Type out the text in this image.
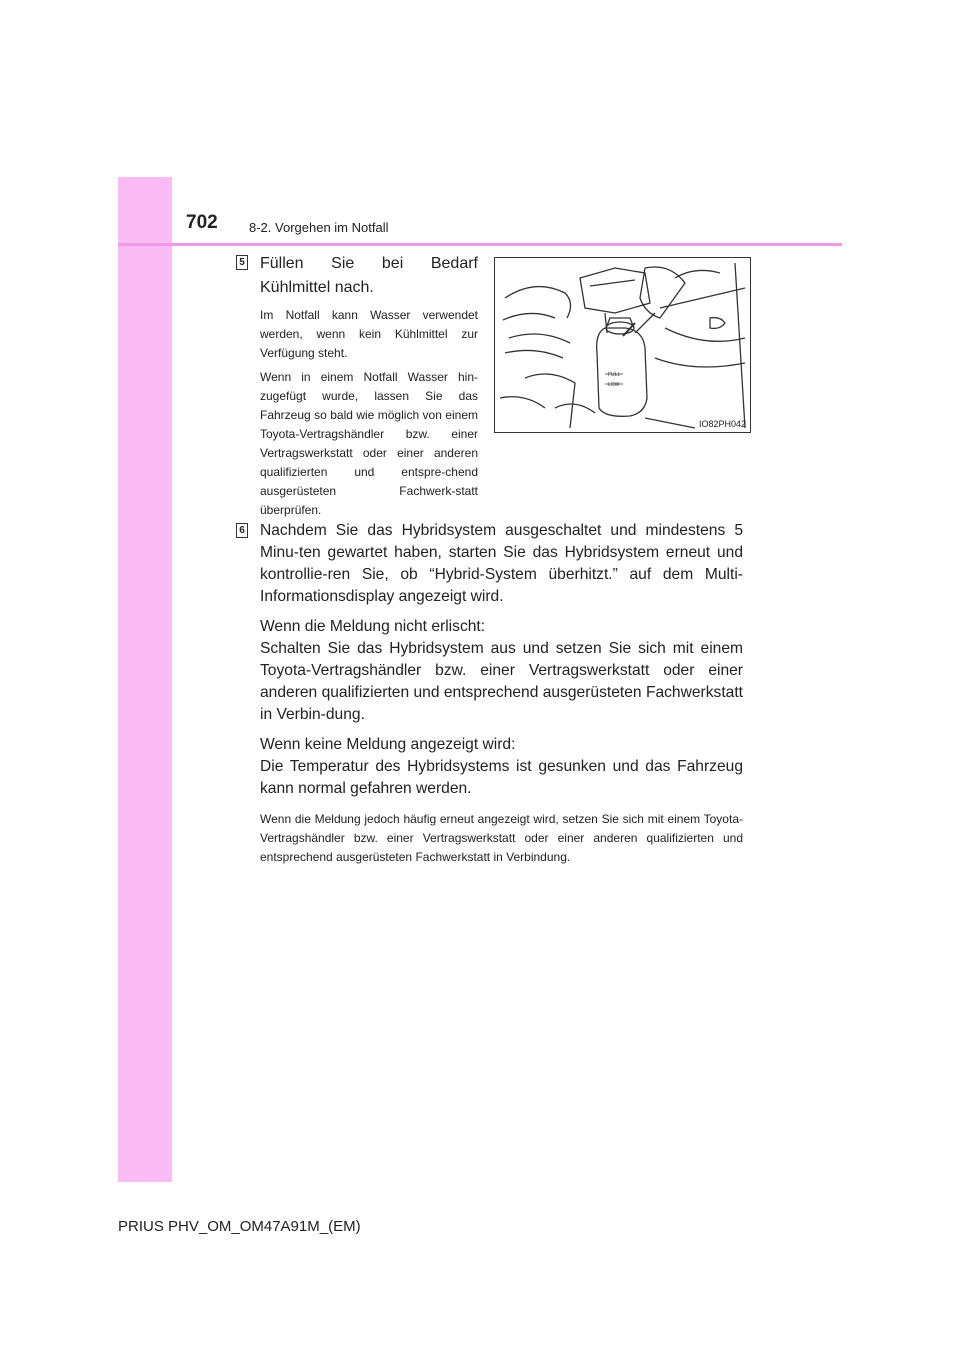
702 8-2. Vorgehen im Notfall
5 Füllen Sie bei Bedarf Kühlmittel nach.

Im Notfall kann Wasser verwendet werden, wenn kein Kühlmittel zur Verfügung steht.

Wenn in einem Notfall Wasser hin-zugefügt wurde, lassen Sie das Fahrzeug so bald wie möglich von einem Toyota-Vertragshändler bzw. einer Vertragswerkstatt oder einer anderen qualifizierten und entspre-chend ausgerüsteten Fachwerk-statt überprüfen.

FULL
LOW
IO82PH042
6 Nachdem Sie das Hybridsystem ausgeschaltet und mindestens 5 Minu-ten gewartet haben, starten Sie das Hybridsystem erneut und kontrollie-ren Sie, ob “Hybrid-System überhitzt.” auf dem Multi-Informationsdisplay angezeigt wird.

Wenn die Meldung nicht erlischt:

Schalten Sie das Hybridsystem aus und setzen Sie sich mit einem Toyota-Vertragshändler bzw. einer Vertragswerkstatt oder einer anderen qualifizierten und entsprechend ausgerüsteten Fachwerkstatt in Verbin-dung.

Wenn keine Meldung angezeigt wird:

Die Temperatur des Hybridsystems ist gesunken und das Fahrzeug kann normal gefahren werden.

Wenn die Meldung jedoch häufig erneut angezeigt wird, setzen Sie sich mit einem Toyota-Vertragshändler bzw. einer Vertragswerkstatt oder einer anderen qualifizierten und entsprechend ausgerüsteten Fachwerkstatt in Verbindung.

PRIUS PHV_OM_OM47A91M_(EM)
